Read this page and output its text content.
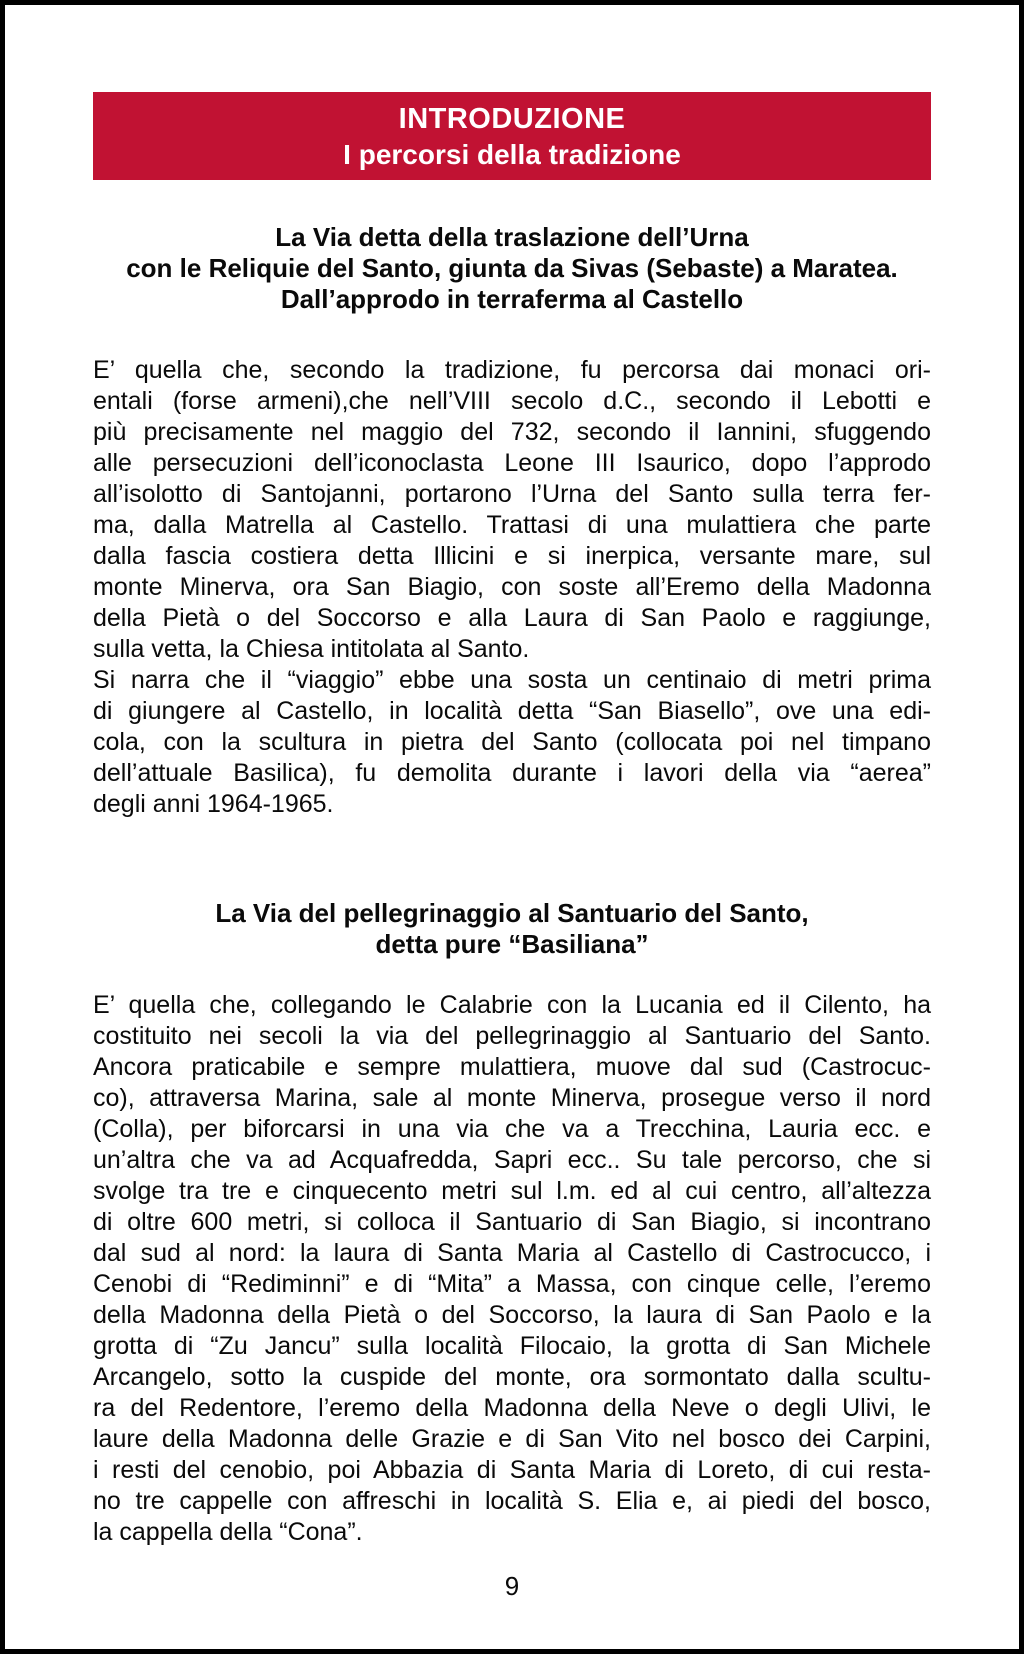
INTRODUZIONE
I percorsi della tradizione
La Via detta della traslazione dell’Urna
con le Reliquie del Santo, giunta da Sivas (Sebaste) a Maratea.
Dall’approdo in terraferma al Castello
E’ quella che, secondo la tradizione, fu percorsa dai monaci ori-
entali (forse armeni),che nell’VIII secolo d.C., secondo il Lebotti e
più precisamente nel maggio del 732, secondo il Iannini, sfuggendo
alle persecuzioni dell’iconoclasta Leone III Isaurico, dopo l’approdo
all’isolotto di Santojanni, portarono l’Urna del Santo sulla terra fer-
ma, dalla Matrella al Castello. Trattasi di una mulattiera che parte
dalla fascia costiera detta Illicini e si inerpica, versante mare, sul
monte Minerva, ora San Biagio, con soste all’Eremo della Madonna
della Pietà o del Soccorso e alla Laura di San Paolo e raggiunge,
sulla vetta, la Chiesa intitolata al Santo.
Si narra che il “viaggio” ebbe una sosta un centinaio di metri prima
di giungere al Castello, in località detta “San Biasello”, ove una edi-
cola, con la scultura in pietra del Santo (collocata poi nel timpano
dell’attuale Basilica), fu demolita durante i lavori della via “aerea”
degli anni 1964-1965.
La Via del pellegrinaggio al Santuario del Santo,
detta pure “Basiliana”
E’ quella che, collegando le Calabrie con la Lucania ed il Cilento, ha
costituito nei secoli la via del pellegrinaggio al Santuario del Santo.
Ancora praticabile e sempre mulattiera, muove dal sud (Castrocuc-
co), attraversa Marina, sale al monte Minerva, prosegue verso il nord
(Colla), per biforcarsi in una via che va a Trecchina, Lauria ecc. e
un’altra che va ad Acquafredda, Sapri ecc.. Su tale percorso, che si
svolge tra tre e cinquecento metri sul l.m. ed al cui centro, all’altezza
di oltre 600 metri, si colloca il Santuario di San Biagio, si incontrano
dal sud al nord: la laura di Santa Maria al Castello di Castrocucco, i
Cenobi di “Rediminni” e di “Mita” a Massa, con cinque celle, l’eremo
della Madonna della Pietà o del Soccorso, la laura di San Paolo e la
grotta di “Zu Jancu” sulla località Filocaio, la grotta di San Michele
Arcangelo, sotto la cuspide del monte, ora sormontato dalla scultu-
ra del Redentore, l’eremo della Madonna della Neve o degli Ulivi, le
laure della Madonna delle Grazie e di San Vito nel bosco dei Carpini,
i resti del cenobio, poi Abbazia di Santa Maria di Loreto, di cui resta-
no tre cappelle con affreschi in località S. Elia e, ai piedi del bosco,
la cappella della “Cona”.
9
